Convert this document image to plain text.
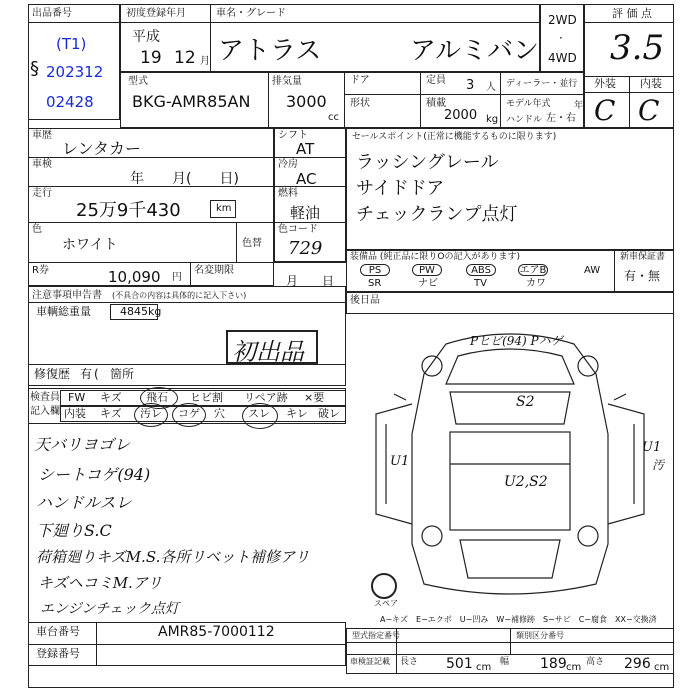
出品番号
(T1)
202312
02428
§
初度登録年月	車名・グレード
平成
19 12 月 アトラス	アルミバン
2WD
·
4WD
評 価 点
3.5
外装 内装
C C
型式
BKG-AMR85AN
排気量
3000
cc
ドア	定員 3 人
形状	積載
2000 kg
ディーラー・並行
モデル年式	年
ハンドル 左・右
車歴
レンタカー
車検
年　　月(　　日)
走行
25万9千430	km
色
ホワイト	色替
色コード
729
R券	10,090 円
名変期限
月　　日
シフト
AT
冷房
AC
燃料
軽油
セールスポイント(正常に機能するものに限ります)
ラッシングレール
サイドドア
チェックランプ点灯
装備品 (純正品に限りΟの記入があります)	新車保証書
有・無
PS	PW	ABS	エアB	AW
SR	ナビ	TV	カワ
後日品
注意事項申告書 (不具合の内容は具体的に記入下さい)
車輌総重量	4845 kg
初出品
修復歴 有 ( 箇所
検査員
記入欄
FW キズ 飛石 ヒビ割 リペア跡 ×要
内装 キズ 汚レ コゲ 穴 スレ キレ 破レ
天バリヨゴレ
シートコゲ(94)
ハンドルスレ
下廻りS.C
荷箱廻りキズM.S.各所リベット補修アリ
キズヘコミM.アリ
エンジンチェック点灯
Pヒビ(94) Pハゲ
S2
U1
U2,S2
U1
汚
スペア
A−キズ　E−エクボ　U−凹み　W−補修跡　S−サビ　C−腐食　XX−交換済
車台番号	AMR85-7000112
登録番号
型式指定番号	類別区分番号
車検証記載 長さ 501 cm 幅 189 cm 高さ 296 cm
